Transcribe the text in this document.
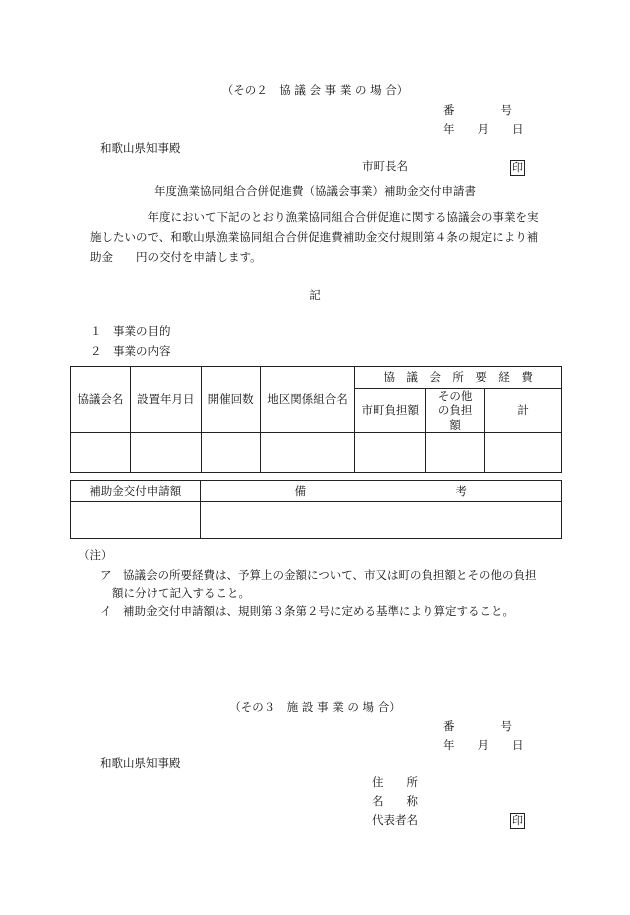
（その２　協 議 会 事 業 の 場 合）
番　　　　号
年　　月　　日
和歌山県知事殿
市町長名	印
年度漁業協同組合合併促進費（協議会事業）補助金交付申請書
　　　　　年度において下記のとおり漁業協同組合合併促進に関する協議会の事業を実
施したいので、和歌山県漁業協同組合合併促進費補助金交付規則第４条の規定により補
助金　　円の交付を申請します。
記
１　事業の目的
２　事業の内容
協議会名	設置年月日	開催回数	地区関係組合名	協　議　会　所　要　経　費		
				市町負担額	その他の負担額	計

補助金交付申請額	備　　　　　　　　　　　　　考

（注）
ア　協議会の所要経費は、予算上の金額について、市又は町の負担額とその他の負担
額に分けて記入すること。
イ　補助金交付申請額は、規則第３条第２号に定める基準により算定すること。
（その３　施 設 事 業 の 場 合）
番　　　　号
年　　月　　日
和歌山県知事殿
住　　所
名　　称
代表者名	印
